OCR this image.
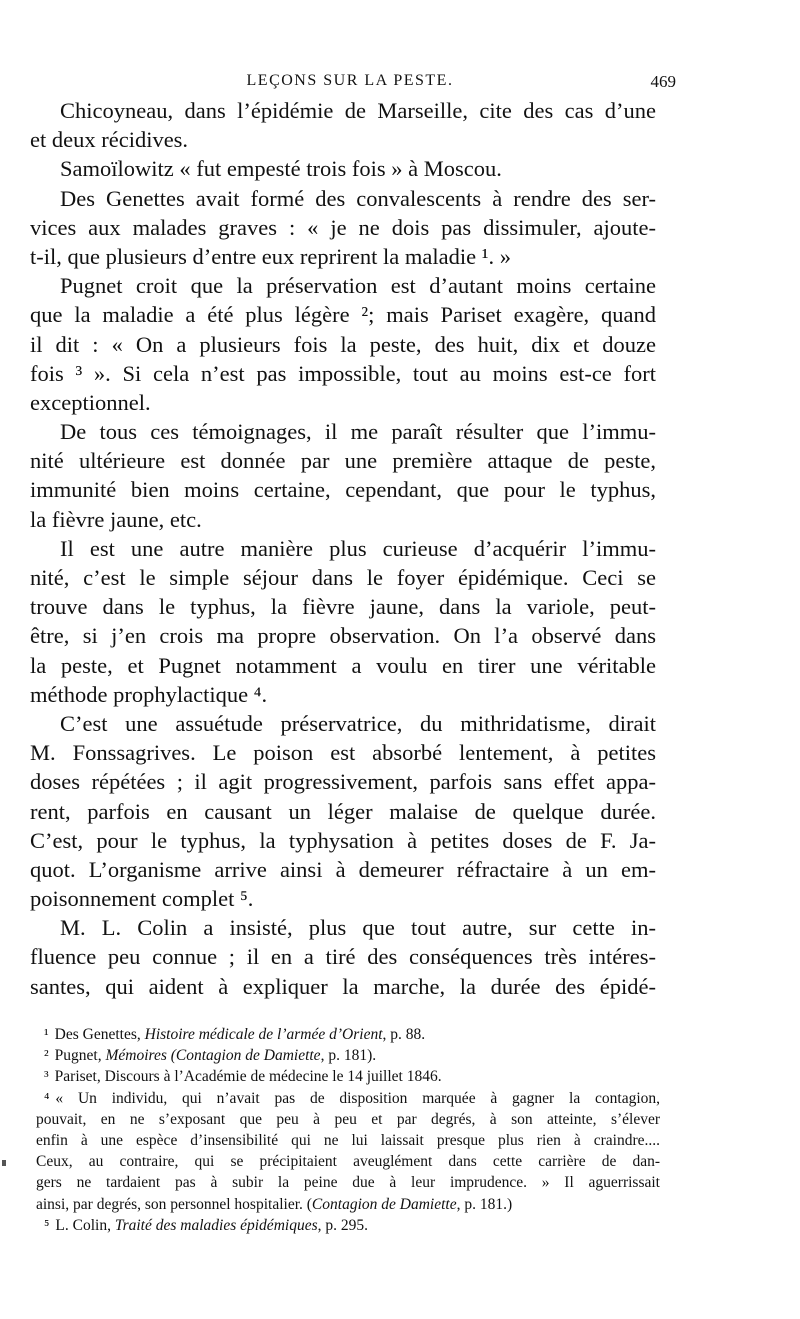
LEÇONS SUR LA PESTE.	469
Chicoyneau, dans l’épidémie de Marseille, cite des cas d’une
et deux récidives.
Samoïlowitz « fut empesté trois fois » à Moscou.
Des Genettes avait formé des convalescents à rendre des ser-
vices aux malades graves : « je ne dois pas dissimuler, ajoute-
t-il, que plusieurs d’entre eux reprirent la maladie ¹. »
Pugnet croit que la préservation est d’autant moins certaine
que la maladie a été plus légère ²; mais Pariset exagère, quand
il dit : « On a plusieurs fois la peste, des huit, dix et douze
fois ³ ». Si cela n’est pas impossible, tout au moins est-ce fort
exceptionnel.
De tous ces témoignages, il me paraît résulter que l’immu-
nité ultérieure est donnée par une première attaque de peste,
immunité bien moins certaine, cependant, que pour le typhus,
la fièvre jaune, etc.
Il est une autre manière plus curieuse d’acquérir l’immu-
nité, c’est le simple séjour dans le foyer épidémique. Ceci se
trouve dans le typhus, la fièvre jaune, dans la variole, peut-
être, si j’en crois ma propre observation. On l’a observé dans
la peste, et Pugnet notamment a voulu en tirer une véritable
méthode prophylactique ⁴.
C’est une assuétude préservatrice, du mithridatisme, dirait
M. Fonssagrives. Le poison est absorbé lentement, à petites
doses répétées ; il agit progressivement, parfois sans effet appa-
rent, parfois en causant un léger malaise de quelque durée.
C’est, pour le typhus, la typhysation à petites doses de F. Ja-
quot. L’organisme arrive ainsi à demeurer réfractaire à un em-
poisonnement complet ⁵.
M. L. Colin a insisté, plus que tout autre, sur cette in-
fluence peu connue ; il en a tiré des conséquences très intéres-
santes, qui aident à expliquer la marche, la durée des épidé-
¹ Des Genettes, Histoire médicale de l’armée d’Orient, p. 88.
² Pugnet, Mémoires (Contagion de Damiette, p. 181).
³ Pariset, Discours à l’Académie de médecine le 14 juillet 1846.
⁴ « Un individu, qui n’avait pas de disposition marquée à gagner la contagion,
pouvait, en ne s’exposant que peu à peu et par degrés, à son atteinte, s’élever
enfin à une espèce d’insensibilité qui ne lui laissait presque plus rien à craindre....
Ceux, au contraire, qui se précipitaient aveuglément dans cette carrière de dan-
gers ne tardaient pas à subir la peine due à leur imprudence. » Il aguerrissait
ainsi, par degrés, son personnel hospitalier. (Contagion de Damiette, p. 181.)
⁵ L. Colin, Traité des maladies épidémiques, p. 295.
